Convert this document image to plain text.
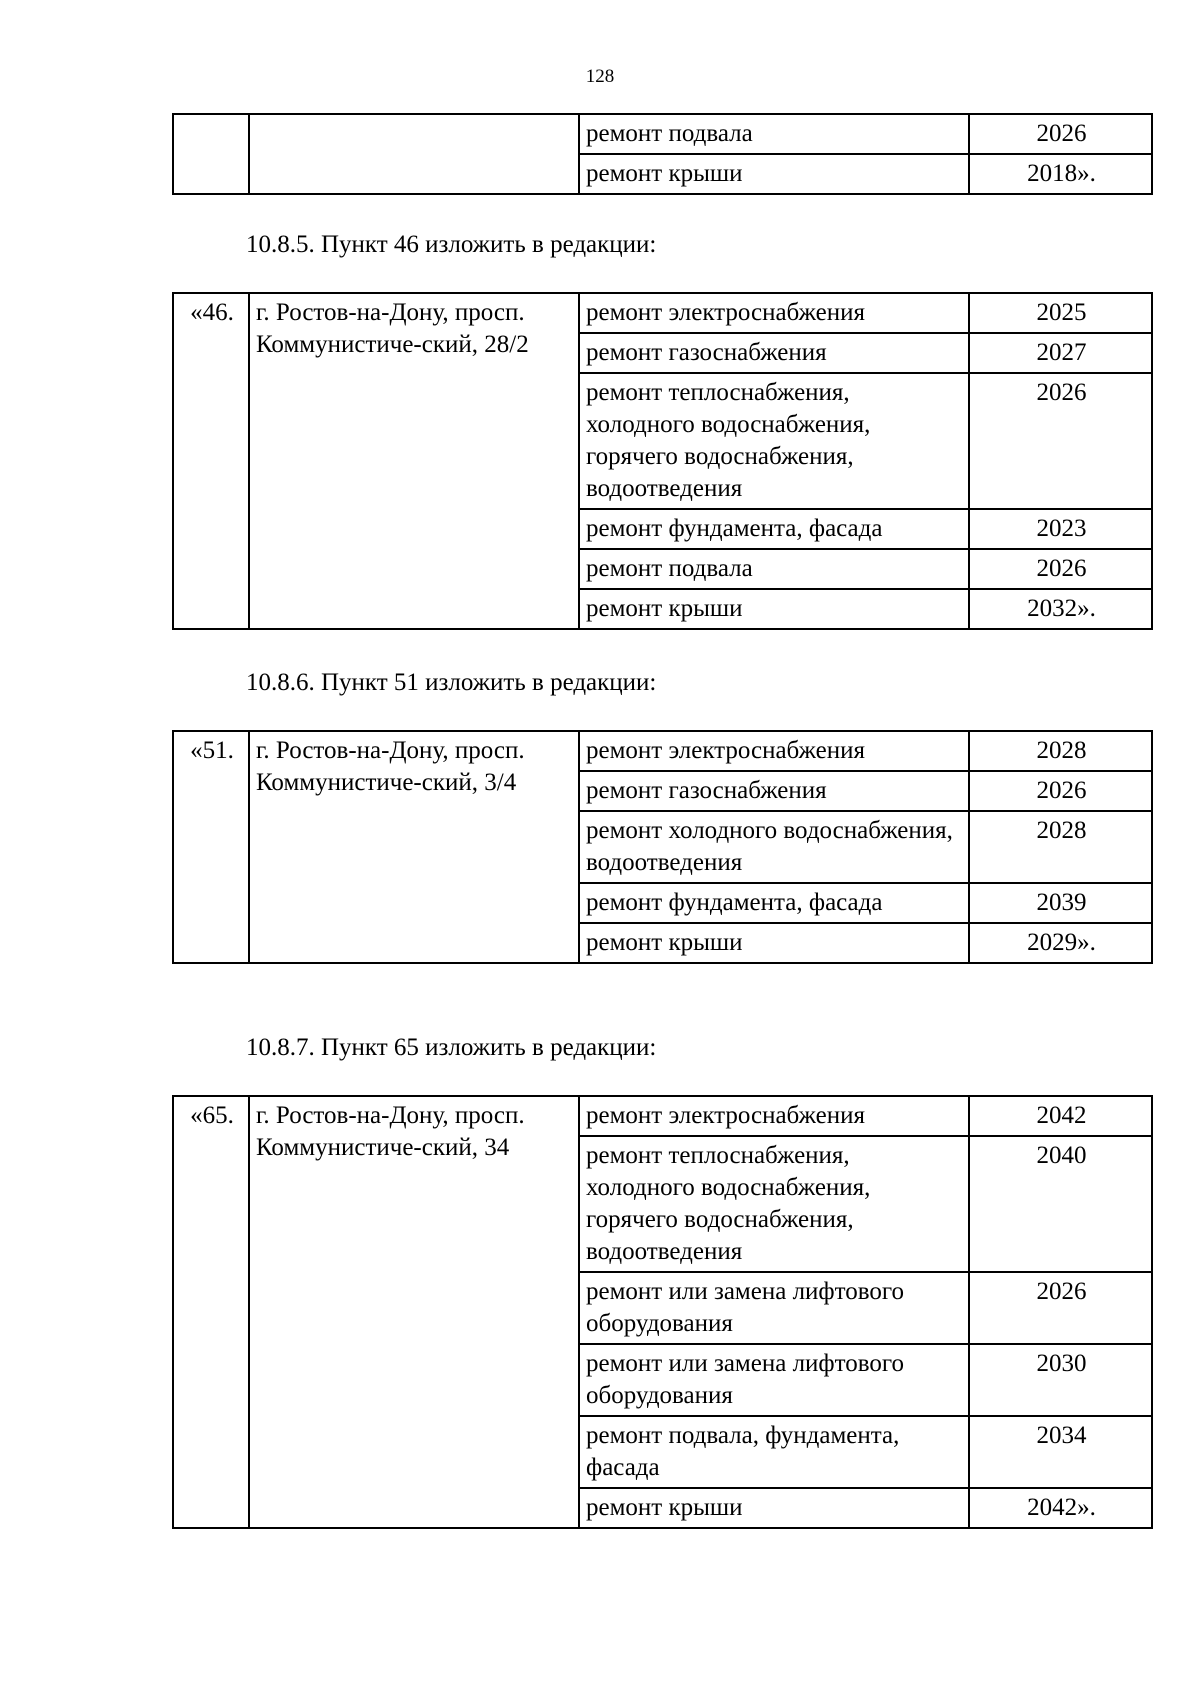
128
		ремонт подвала	2026
		ремонт крыши	2018».
10.8.5. Пункт 46 изложить в редакции:
«46.	г. Ростов-на-Дону, просп. Коммунистиче-ский, 28/2	ремонт электроснабжения	2025
		ремонт газоснабжения	2027
		ремонт теплоснабжения, холодного водоснабжения, горячего водоснабжения, водоотведения	2026
		ремонт фундамента, фасада	2023
		ремонт подвала	2026
		ремонт крыши	2032».
10.8.6. Пункт 51 изложить в редакции:
«51.	г. Ростов-на-Дону, просп. Коммунистиче-ский, 3/4	ремонт электроснабжения	2028
		ремонт газоснабжения	2026
		ремонт холодного водоснабжения, водоотведения	2028
		ремонт фундамента, фасада	2039
		ремонт крыши	2029».
10.8.7. Пункт 65 изложить в редакции:
«65.	г. Ростов-на-Дону, просп. Коммунистиче-ский, 34	ремонт электроснабжения	2042
		ремонт теплоснабжения, холодного водоснабжения, горячего водоснабжения, водоотведения	2040
		ремонт или замена лифтового оборудования	2026
		ремонт или замена лифтового оборудования	2030
		ремонт подвала, фундамента, фасада	2034
		ремонт крыши	2042».
